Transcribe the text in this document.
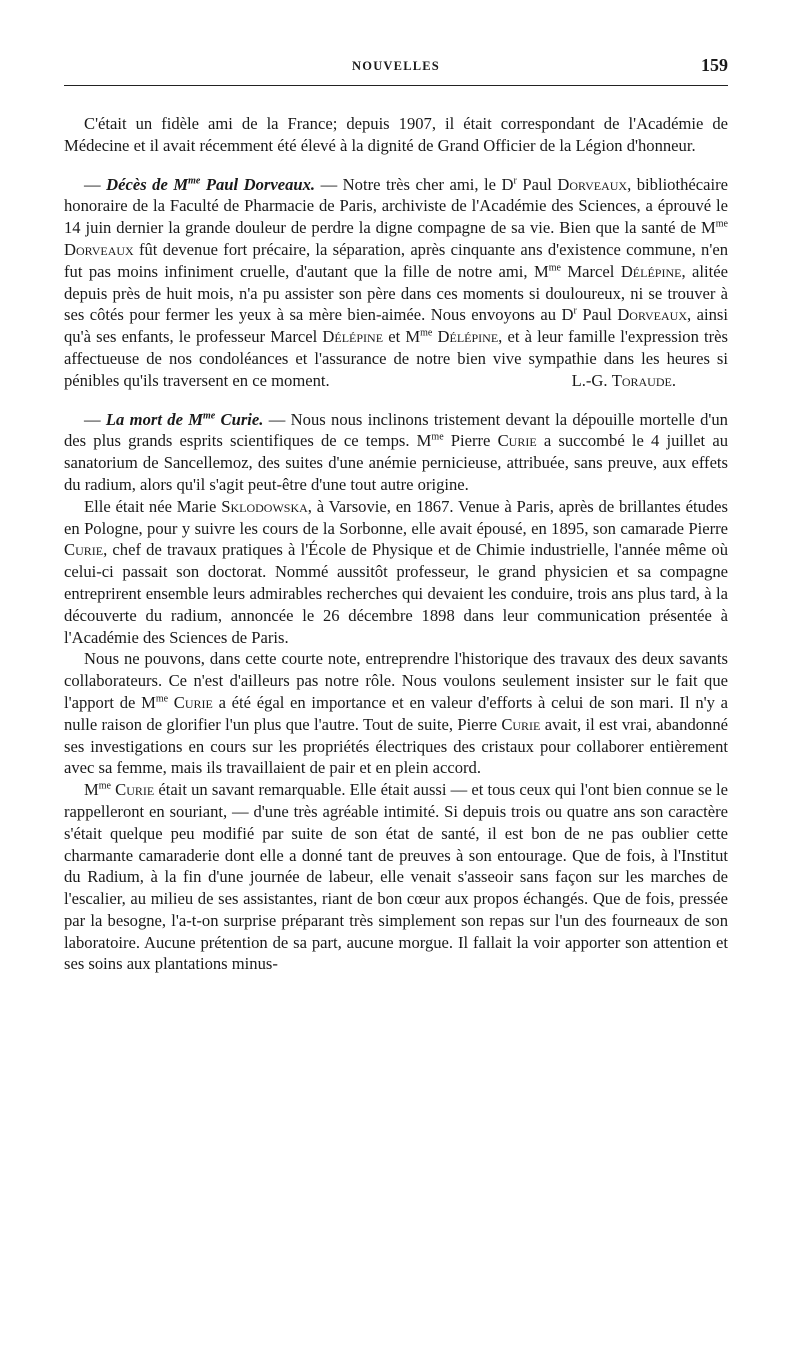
NOUVELLES	159

C'était un fidèle ami de la France; depuis 1907, il était correspondant de l'Académie de Médecine et il avait récemment été élevé à la dignité de Grand Officier de la Légion d'honneur.

— Décès de $M^{me}$ Paul Dorveaux. — Notre très cher ami, le $D^r$ Paul Dorveaux, bibliothécaire honoraire de la Faculté de Pharmacie de Paris, archiviste de l'Académie des Sciences, a éprouvé le 14 juin dernier la grande douleur de perdre la digne compagne de sa vie. Bien que la santé de $M^{me}$ Dorveaux fût devenue fort précaire, la séparation, après cinquante ans d'existence commune, n'en fut pas moins infiniment cruelle, d'autant que la fille de notre ami, $M^{me}$ Marcel Délépine, alitée depuis près de huit mois, n'a pu assister son père dans ces moments si douloureux, ni se trouver à ses côtés pour fermer les yeux à sa mère bien-aimée. Nous envoyons au $D^r$ Paul Dorveaux, ainsi qu'à ses enfants, le professeur Marcel Délépine et $M^{me}$ Délépine, et à leur famille l'expression très affectueuse de nos condoléances et l'assurance de notre bien vive sympathie dans les heures si pénibles qu'ils traversent en ce moment.	L.-G. Toraude.

— La mort de $M^{me}$ Curie. — Nous nous inclinons tristement devant la dépouille mortelle d'un des plus grands esprits scientifiques de ce temps. $M^{me}$ Pierre Curie a succombé le 4 juillet au sanatorium de Sancellemoz, des suites d'une anémie pernicieuse, attribuée, sans preuve, aux effets du radium, alors qu'il s'agit peut-être d'une tout autre origine.

Elle était née Marie Sklodowska, à Varsovie, en 1867. Venue à Paris, après de brillantes études en Pologne, pour y suivre les cours de la Sorbonne, elle avait épousé, en 1895, son camarade Pierre Curie, chef de travaux pratiques à l'École de Physique et de Chimie industrielle, l'année même où celui-ci passait son doctorat. Nommé aussitôt professeur, le grand physicien et sa compagne entreprirent ensemble leurs admirables recherches qui devaient les conduire, trois ans plus tard, à la découverte du radium, annoncée le 26 décembre 1898 dans leur communication présentée à l'Académie des Sciences de Paris.

Nous ne pouvons, dans cette courte note, entreprendre l'historique des travaux des deux savants collaborateurs. Ce n'est d'ailleurs pas notre rôle. Nous voulons seulement insister sur le fait que l'apport de $M^{me}$ Curie a été égal en importance et en valeur d'efforts à celui de son mari. Il n'y a nulle raison de glorifier l'un plus que l'autre. Tout de suite, Pierre Curie avait, il est vrai, abandonné ses investigations en cours sur les propriétés électriques des cristaux pour collaborer entièrement avec sa femme, mais ils travaillaient de pair et en plein accord.

$M^{me}$ Curie était un savant remarquable. Elle était aussi — et tous ceux qui l'ont bien connue se le rappelleront en souriant, — d'une très agréable intimité. Si depuis trois ou quatre ans son caractère s'était quelque peu modifié par suite de son état de santé, il est bon de ne pas oublier cette charmante camaraderie dont elle a donné tant de preuves à son entourage. Que de fois, à l'Institut du Radium, à la fin d'une journée de labeur, elle venait s'asseoir sans façon sur les marches de l'escalier, au milieu de ses assistantes, riant de bon cœur aux propos échangés. Que de fois, pressée par la besogne, l'a-t-on surprise préparant très simplement son repas sur l'un des fourneaux de son laboratoire. Aucune prétention de sa part, aucune morgue. Il fallait la voir apporter son attention et ses soins aux plantations minus-
